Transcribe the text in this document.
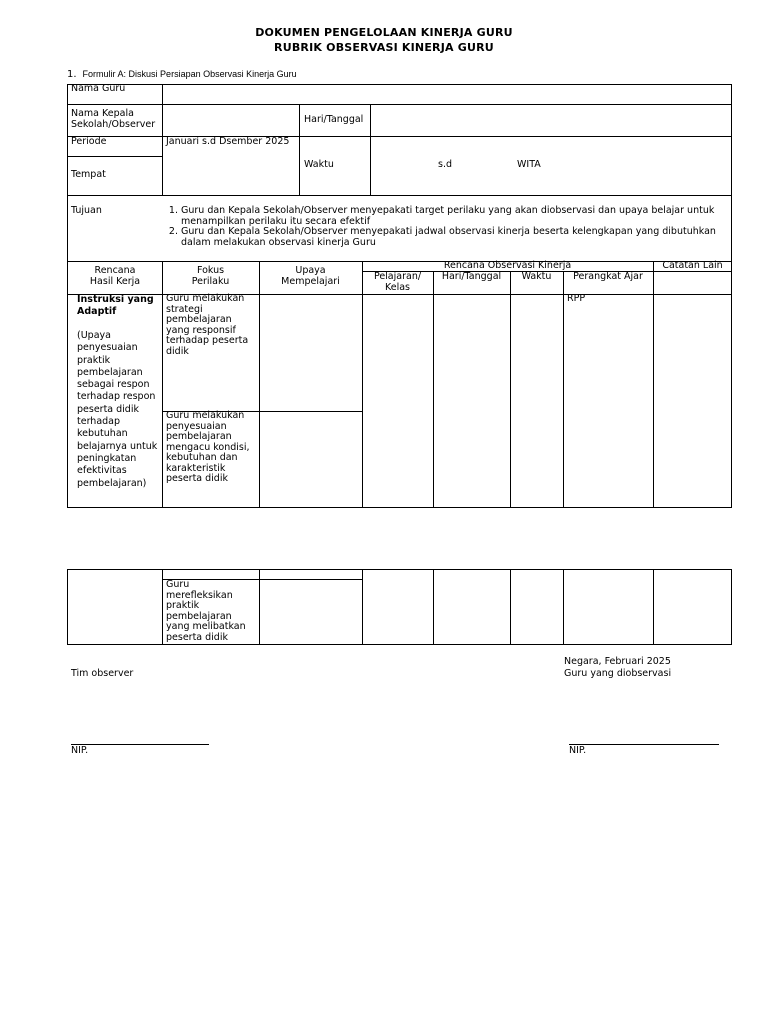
DOKUMEN PENGELOLAAN KINERJA GURU
RUBRIK OBSERVASI KINERJA GURU
1. Formulir A: Diskusi Persiapan Observasi Kinerja Guru
Nama Guru
Nama Kepala
Sekolah/Observer	Hari/Tanggal
Periode	Januari s.d Dsember 2025
Waktu	s.d	WITA
Tempat
Tujuan
1.	Guru dan Kepala Sekolah/Observer menyepakati target perilaku yang akan diobservasi dan upaya belajar untuk
menampilkan perilaku itu secara efektif
2. Guru dan Kepala Sekolah/Observer menyepakati jadwal observasi kinerja beserta kelengkapan yang dibutuhkan
dalam melakukan observasi kinerja Guru
Rencana
Hasil Kerja
Fokus
Perilaku
Upaya
Mempelajari
Rencana Observasi Kinerja	Catatan Lain
Pelajaran/
Kelas
Hari/Tanggal	Waktu	Perangkat Ajar
Instruksi yang
Adaptif
(Upaya
penyesuaian
praktik
pembelajaran
sebagai respon
terhadap respon
peserta didik
terhadap
kebutuhan
belajarnya untuk
peningkatan
efektivitas
pembelajaran)
Guru melakukan
strategi
pembelajaran
yang responsif
terhadap peserta
didik
Guru melakukan
penyesuaian
pembelajaran
mengacu kondisi,
kebutuhan dan
karakteristik
peserta didik
RPP
Guru
merefleksikan
praktik
pembelajaran
yang melibatkan
peserta didik
Negara, Februari 2025
Tim observer	Guru yang diobservasi
NIP.	NIP.
